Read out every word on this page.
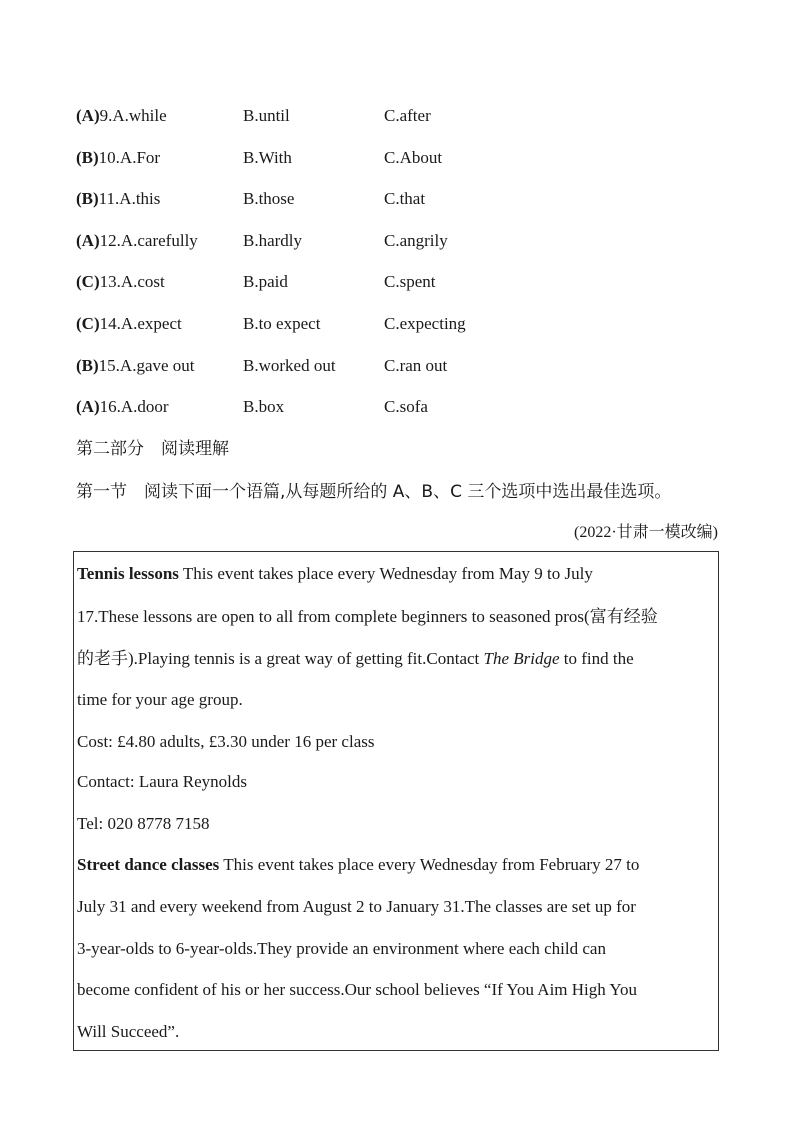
(A)9.A.while	B.until	C.after
(B)10.A.For	B.With	C.About
(B)11.A.this	B.those	C.that
(A)12.A.carefully	B.hardly	C.angrily
(C)13.A.cost	B.paid	C.spent
(C)14.A.expect	B.to expect	C.expecting
(B)15.A.gave out	B.worked out	C.ran out
(A)16.A.door	B.box	C.sofa
第二部分　阅读理解
第一节　阅读下面一个语篇,从每题所给的 A、B、C 三个选项中选出最佳选项。
(2022·甘肃一模改编)
Tennis lessons This event takes place every Wednesday from May 9 to July
17.These lessons are open to all from complete beginners to seasoned pros(富有经验
的老手).Playing tennis is a great way of getting fit.Contact The Bridge to find the
time for your age group.
Cost: £4.80 adults, £3.30 under 16 per class
Contact: Laura Reynolds
Tel: 020 8778 7158
Street dance classes This event takes place every Wednesday from February 27 to
July 31 and every weekend from August 2 to January 31.The classes are set up for
3-year-olds to 6-year-olds.They provide an environment where each child can
become confident of his or her success.Our school believes “If You Aim High You
Will Succeed”.
